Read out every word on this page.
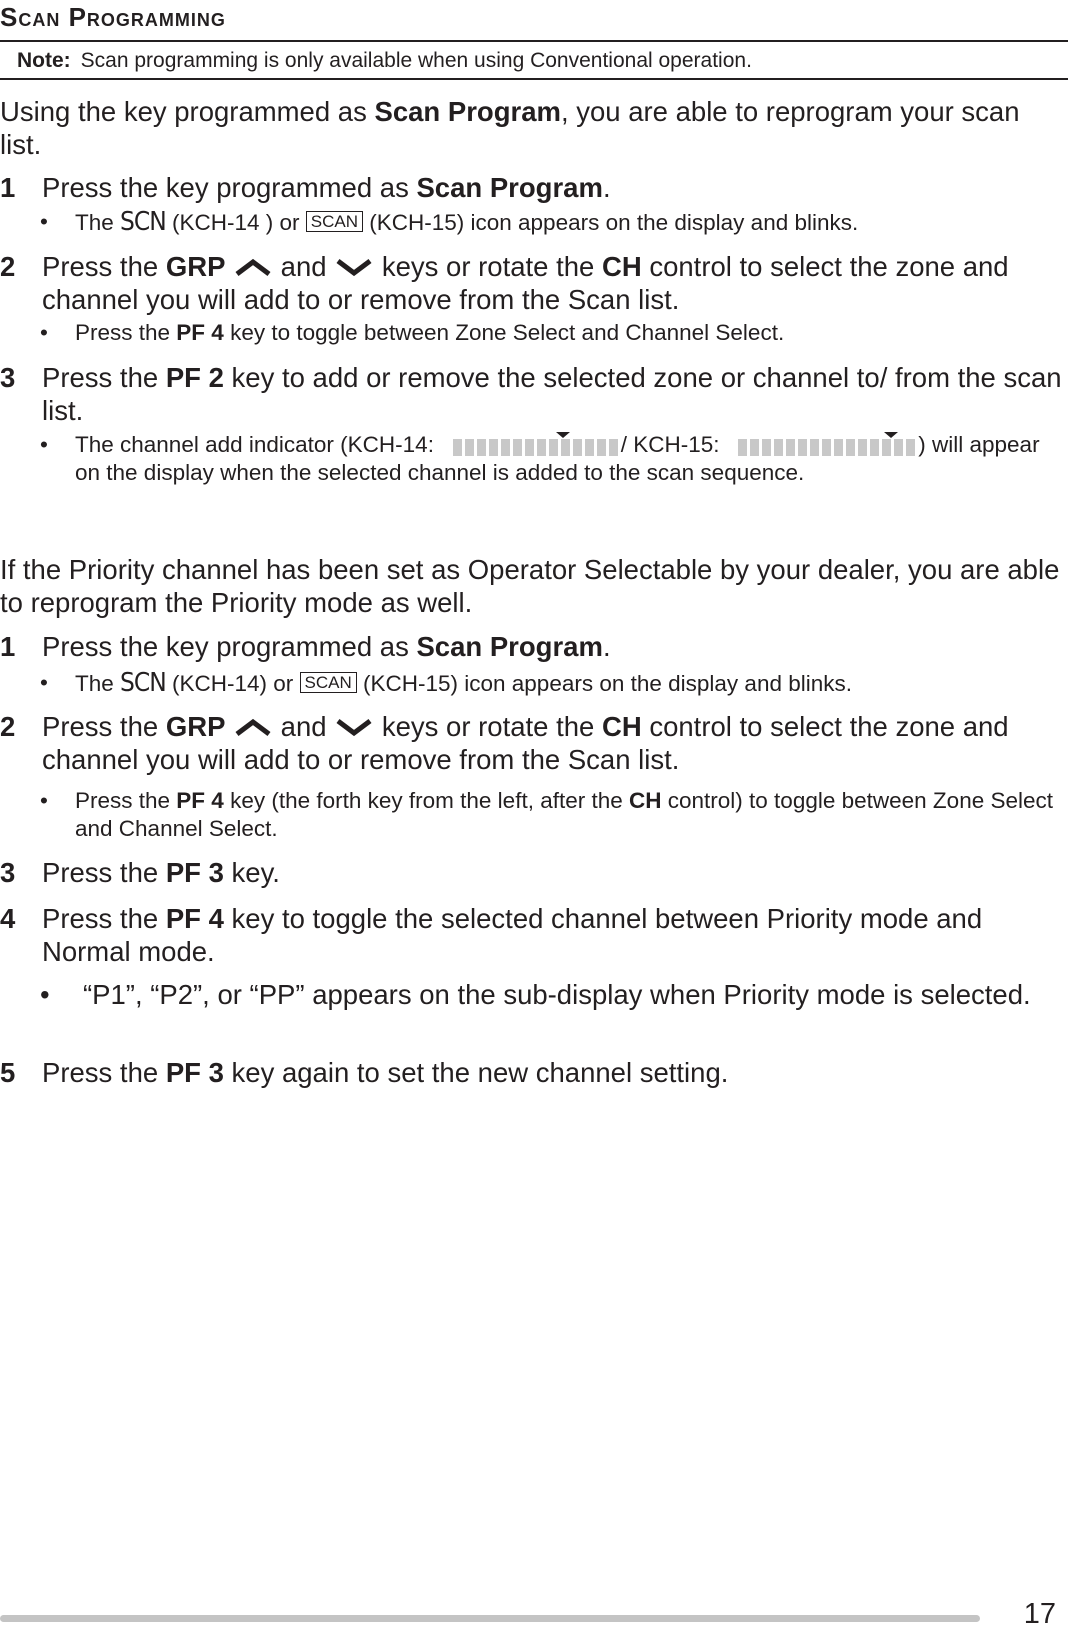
Scan Programming
Note: Scan programming is only available when using Conventional operation.

Using the key programmed as Scan Program, you are able to reprogram your scan list.

1 Press the key programmed as Scan Program.
• The SCN (KCH-14 ) or SCAN (KCH-15) icon appears on the display and blinks.
2 Press the GRP  and  keys or rotate the CH control to select the zone and channel you will add to or remove from the Scan list.
• Press the PF 4 key to toggle between Zone Select and Channel Select.
3 Press the PF 2 key to add or remove the selected zone or channel to/ from the scan list.
• The channel add indicator (KCH-14:	/ KCH-15:	) will appear on the display when the selected channel is added to the scan sequence.

If the Priority channel has been set as Operator Selectable by your dealer, you are able to reprogram the Priority mode as well.

1 Press the key programmed as Scan Program.
• The SCN (KCH-14) or SCAN (KCH-15) icon appears on the display and blinks.
2 Press the GRP  and  keys or rotate the CH control to select the zone and channel you will add to or remove from the Scan list.
• Press the PF 4 key (the forth key from the left, after the CH control) to toggle between Zone Select and Channel Select.
3 Press the PF 3 key.
4 Press the PF 4 key to toggle the selected channel between Priority mode and Normal mode.
• “P1”, “P2”, or “PP” appears on the sub-display when Priority mode is selected.
5 Press the PF 3 key again to set the new channel setting.
17
